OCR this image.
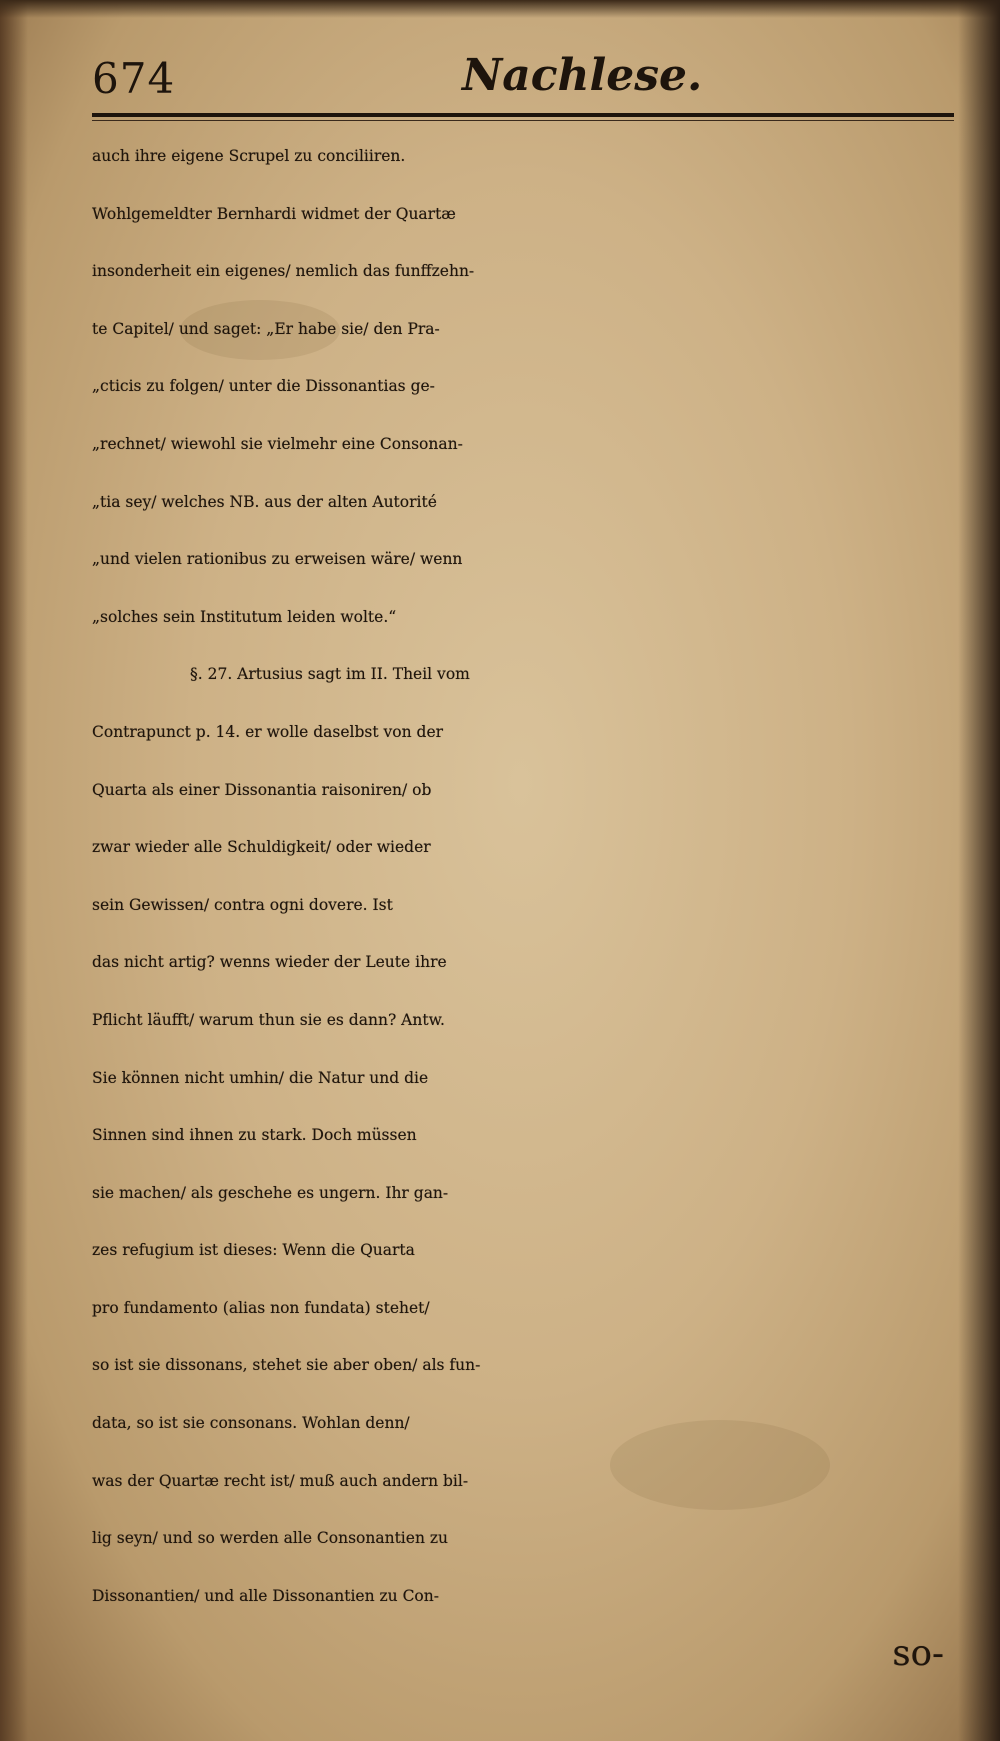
674	Nachlese.
auch ihre eigene Scrupel zu conciliiren.
Wohlgemeldter Bernhardi widmet der Quartæ
insonderheit ein eigenes/ nemlich das funffzehn-
te Capitel/ und saget: „Er habe sie/ den Pra-
„cticis zu folgen/ unter die Dissonantias ge-
„rechnet/ wiewohl sie vielmehr eine Consonan-
„tia sey/ welches NB. aus der alten Autorité
„und vielen rationibus zu erweisen wäre/ wenn
„solches sein Institutum leiden wolte.“
§. 27. Artusius sagt im II. Theil vom
Contrapunct p. 14. er wolle daselbst von der
Quarta als einer Dissonantia raisoniren/ ob
zwar wieder alle Schuldigkeit/ oder wieder
sein Gewissen/ contra ogni dovere. Ist
das nicht artig? wenns wieder der Leute ihre
Pflicht läufft/ warum thun sie es dann? Antw.
Sie können nicht umhin/ die Natur und die
Sinnen sind ihnen zu stark. Doch müssen
sie machen/ als geschehe es ungern. Ihr gan-
zes refugium ist dieses: Wenn die Quarta
pro fundamento (alias non fundata) stehet/
so ist sie dissonans, stehet sie aber oben/ als fun-
data, so ist sie consonans. Wohlan denn/
was der Quartæ recht ist/ muß auch andern bil-
lig seyn/ und so werden alle Consonantien zu
Dissonantien/ und alle Dissonantien zu Con-
so-
